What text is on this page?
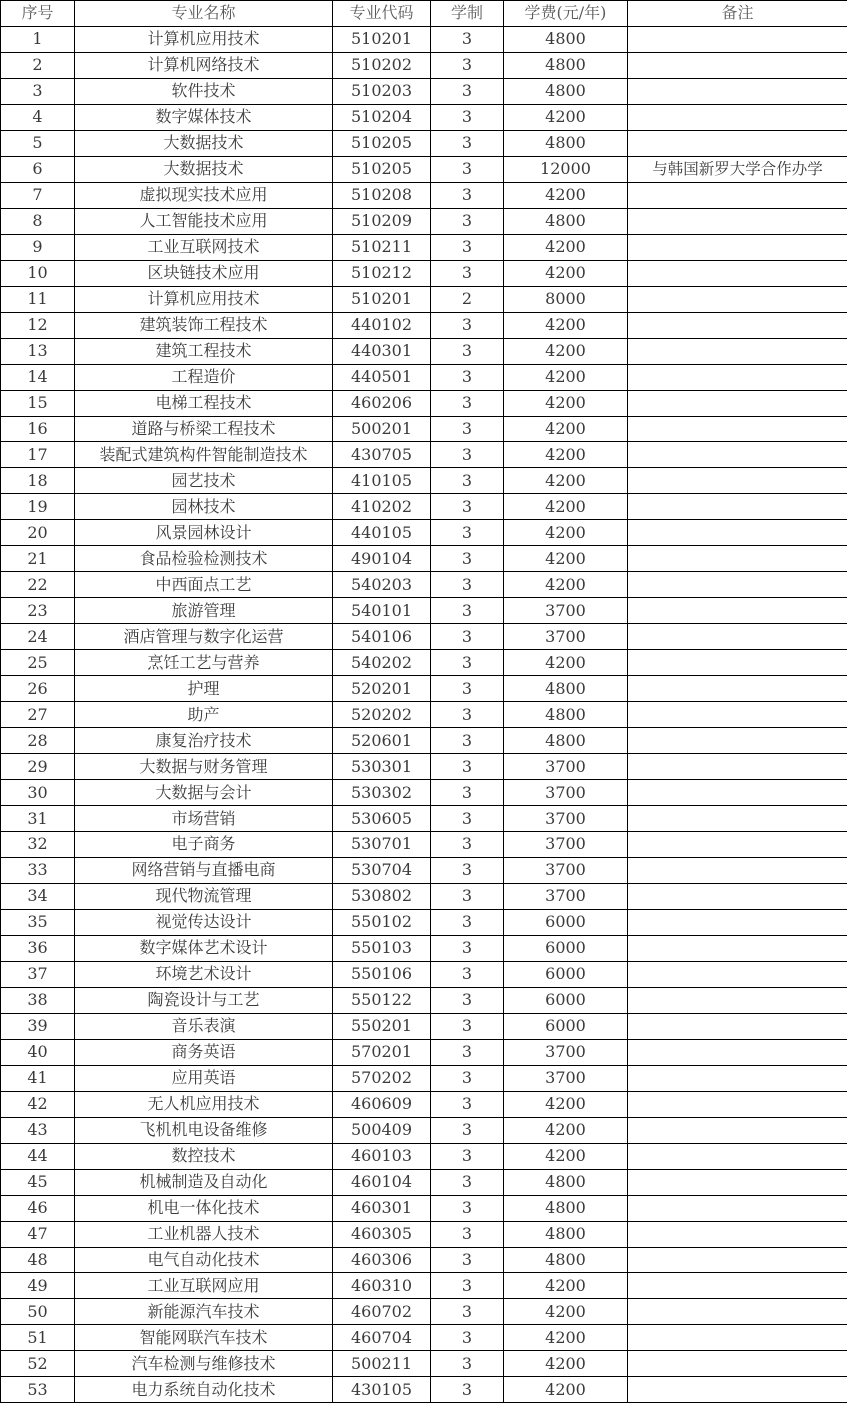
序号	专业名称	专业代码	学制	学费(元/年)	备注
1	计算机应用技术	510201	3	4800	
2	计算机网络技术	510202	3	4800	
3	软件技术	510203	3	4800	
4	数字媒体技术	510204	3	4200	
5	大数据技术	510205	3	4800	
6	大数据技术	510205	3	12000	与韩国新罗大学合作办学
7	虚拟现实技术应用	510208	3	4200	
8	人工智能技术应用	510209	3	4800	
9	工业互联网技术	510211	3	4200	
10	区块链技术应用	510212	3	4200	
11	计算机应用技术	510201	2	8000	
12	建筑装饰工程技术	440102	3	4200	
13	建筑工程技术	440301	3	4200	
14	工程造价	440501	3	4200	
15	电梯工程技术	460206	3	4200	
16	道路与桥梁工程技术	500201	3	4200	
17	装配式建筑构件智能制造技术	430705	3	4200	
18	园艺技术	410105	3	4200	
19	园林技术	410202	3	4200	
20	风景园林设计	440105	3	4200	
21	食品检验检测技术	490104	3	4200	
22	中西面点工艺	540203	3	4200	
23	旅游管理	540101	3	3700	
24	酒店管理与数字化运营	540106	3	3700	
25	烹饪工艺与营养	540202	3	4200	
26	护理	520201	3	4800	
27	助产	520202	3	4800	
28	康复治疗技术	520601	3	4800	
29	大数据与财务管理	530301	3	3700	
30	大数据与会计	530302	3	3700	
31	市场营销	530605	3	3700	
32	电子商务	530701	3	3700	
33	网络营销与直播电商	530704	3	3700	
34	现代物流管理	530802	3	3700	
35	视觉传达设计	550102	3	6000	
36	数字媒体艺术设计	550103	3	6000	
37	环境艺术设计	550106	3	6000	
38	陶瓷设计与工艺	550122	3	6000	
39	音乐表演	550201	3	6000	
40	商务英语	570201	3	3700	
41	应用英语	570202	3	3700	
42	无人机应用技术	460609	3	4200	
43	飞机机电设备维修	500409	3	4200	
44	数控技术	460103	3	4200	
45	机械制造及自动化	460104	3	4800	
46	机电一体化技术	460301	3	4800	
47	工业机器人技术	460305	3	4800	
48	电气自动化技术	460306	3	4800	
49	工业互联网应用	460310	3	4200	
50	新能源汽车技术	460702	3	4200	
51	智能网联汽车技术	460704	3	4200	
52	汽车检测与维修技术	500211	3	4200	
53	电力系统自动化技术	430105	3	4200	
